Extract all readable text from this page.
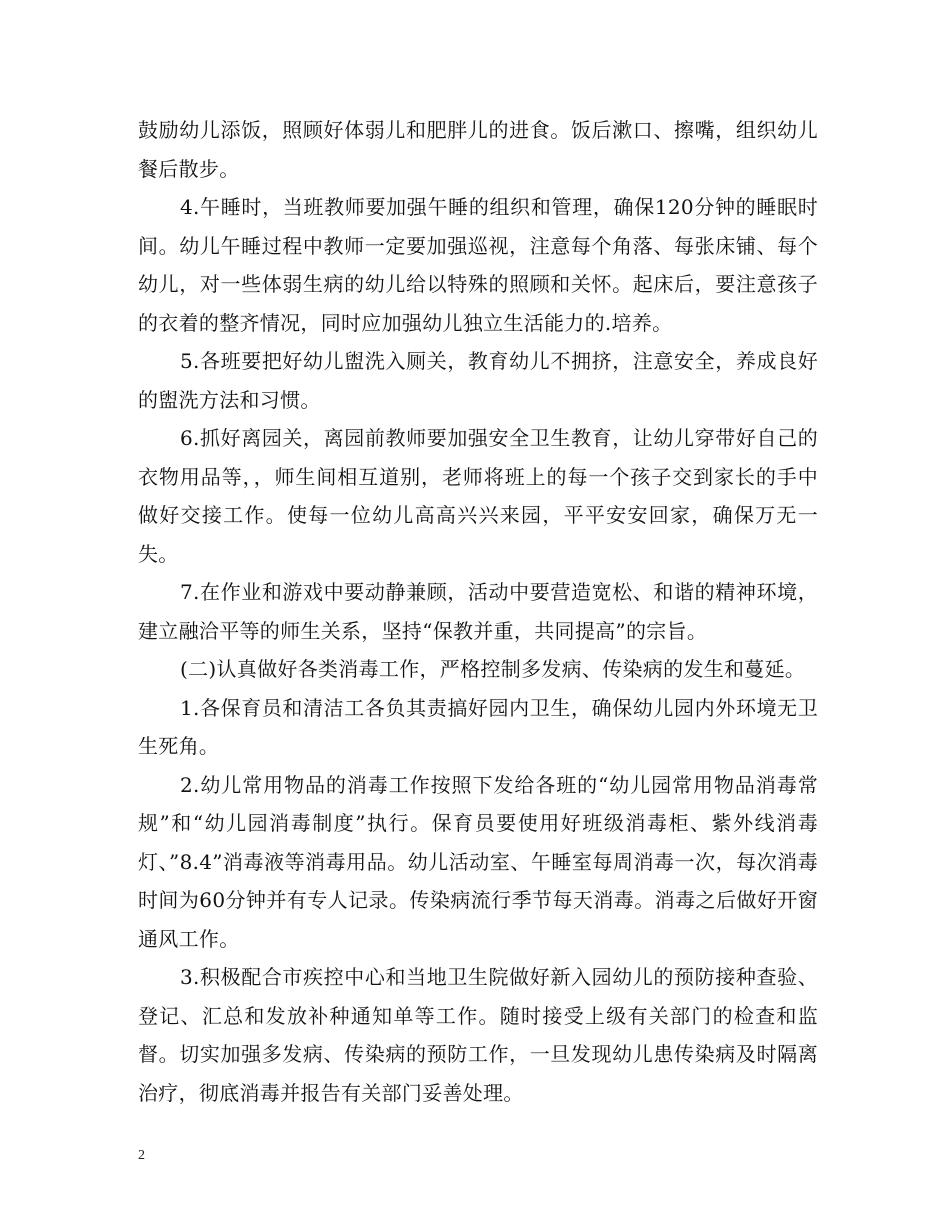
鼓励幼儿添饭，照顾好体弱儿和肥胖儿的进食。饭后漱口、擦嘴，组织幼儿餐后散步。

4.午睡时，当班教师要加强午睡的组织和管理，确保120分钟的睡眠时间。幼儿午睡过程中教师一定要加强巡视，注意每个角落、每张床铺、每个幼儿，对一些体弱生病的幼儿给以特殊的照顾和关怀。起床后，要注意孩子的衣着的整齐情况，同时应加强幼儿独立生活能力的.培养。

5.各班要把好幼儿盥洗入厕关，教育幼儿不拥挤，注意安全，养成良好的盥洗方法和习惯。

6.抓好离园关，离园前教师要加强安全卫生教育，让幼儿穿带好自己的衣物用品等，，师生间相互道别，老师将班上的每一个孩子交到家长的手中做好交接工作。使每一位幼儿高高兴兴来园，平平安安回家，确保万无一失。

7.在作业和游戏中要动静兼顾，活动中要营造宽松、和谐的精神环境，建立融洽平等的师生关系，坚持“保教并重，共同提高”的宗旨。

(二)认真做好各类消毒工作，严格控制多发病、传染病的发生和蔓延。

1.各保育员和清洁工各负其责搞好园内卫生，确保幼儿园内外环境无卫生死角。

2.幼儿常用物品的消毒工作按照下发给各班的“幼儿园常用物品消毒常规”和“幼儿园消毒制度”执行。保育员要使用好班级消毒柜、紫外线消毒灯、”8.4”消毒液等消毒用品。幼儿活动室、午睡室每周消毒一次，每次消毒时间为60分钟并有专人记录。传染病流行季节每天消毒。消毒之后做好开窗通风工作。

3.积极配合市疾控中心和当地卫生院做好新入园幼儿的预防接种查验、登记、汇总和发放补种通知单等工作。随时接受上级有关部门的检查和监督。切实加强多发病、传染病的预防工作，一旦发现幼儿患传染病及时隔离治疗，彻底消毒并报告有关部门妥善处理。

2
